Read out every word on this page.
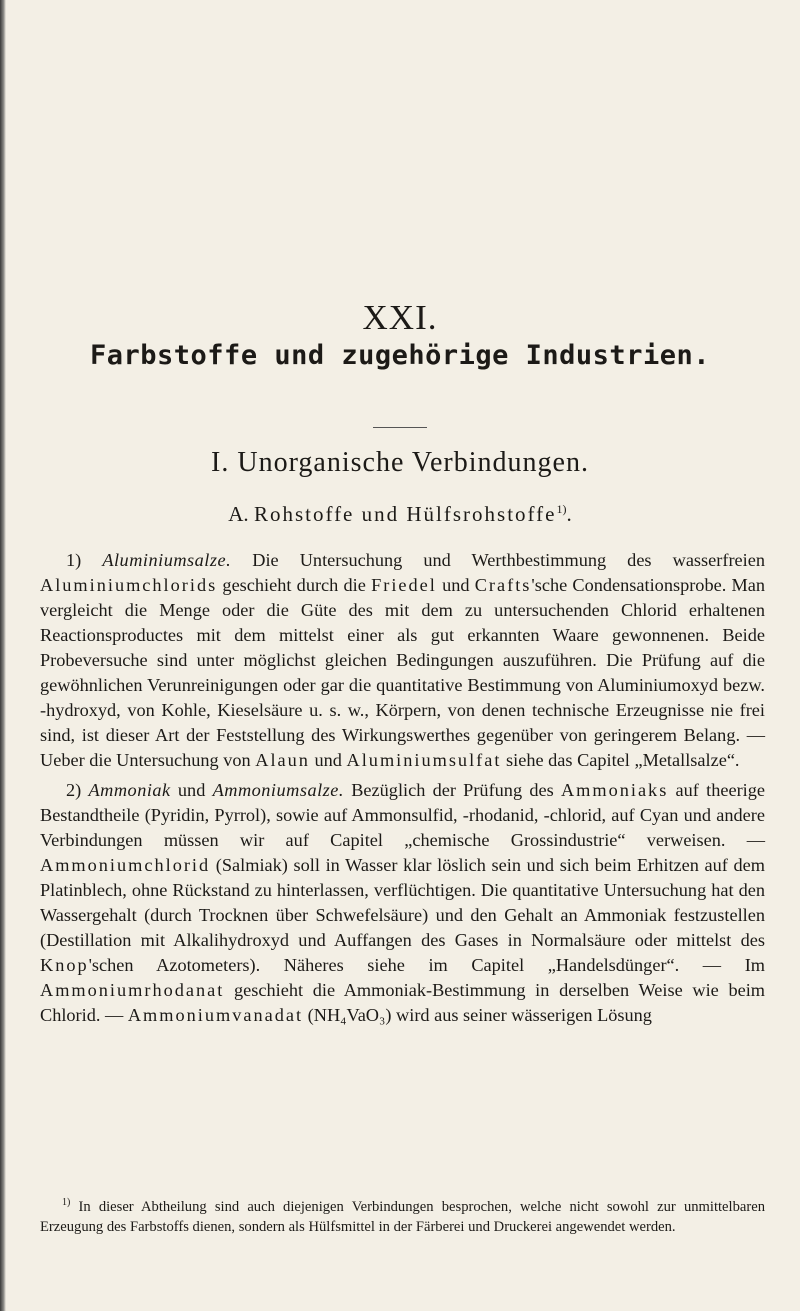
XXI.
Farbstoffe und zugehörige Industrien.
I. Unorganische Verbindungen.
A. Rohstoffe und Hülfsrohstoffe$^{1)}$.

1) Aluminiumsalze. Die Untersuchung und Werthbestimmung des wasserfreien Aluminiumchlorids geschieht durch die Friedel und Crafts'sche Condensationsprobe. Man vergleicht die Menge oder die Güte des mit dem zu untersuchenden Chlorid erhaltenen Reactionsproductes mit dem mittelst einer als gut erkannten Waare gewonnenen. Beide Probeversuche sind unter möglichst gleichen Bedingungen auszuführen. Die Prüfung auf die gewöhnlichen Verunreinigungen oder gar die quantitative Bestimmung von Aluminiumoxyd bezw. -hydroxyd, von Kohle, Kieselsäure u. s. w., Körpern, von denen technische Erzeugnisse nie frei sind, ist dieser Art der Feststellung des Wirkungswerthes gegenüber von geringerem Belang. — Ueber die Untersuchung von Alaun und Aluminiumsulfat siehe das Capitel „Metallsalze“.

2) Ammoniak und Ammoniumsalze. Bezüglich der Prüfung des Ammoniaks auf theerige Bestandtheile (Pyridin, Pyrrol), sowie auf Ammonsulfid, -rhodanid, -chlorid, auf Cyan und andere Verbindungen müssen wir auf Capitel „chemische Grossindustrie“ verweisen. — Ammoniumchlorid (Salmiak) soll in Wasser klar löslich sein und sich beim Erhitzen auf dem Platinblech, ohne Rückstand zu hinterlassen, verflüchtigen. Die quantitative Untersuchung hat den Wassergehalt (durch Trocknen über Schwefelsäure) und den Gehalt an Ammoniak festzustellen (Destillation mit Alkalihydroxyd und Auffangen des Gases in Normalsäure oder mittelst des Knop'schen Azotometers). Näheres siehe im Capitel „Handelsdünger“. — Im Ammoniumrhodanat geschieht die Ammoniak-Bestimmung in derselben Weise wie beim Chlorid. — Ammoniumvanadat (NH₄VaO₃) wird aus seiner wässerigen Lösung

$^{1)}$ In dieser Abtheilung sind auch diejenigen Verbindungen besprochen, welche nicht sowohl zur unmittelbaren Erzeugung des Farbstoffs dienen, sondern als Hülfsmittel in der Färberei und Druckerei angewendet werden.
